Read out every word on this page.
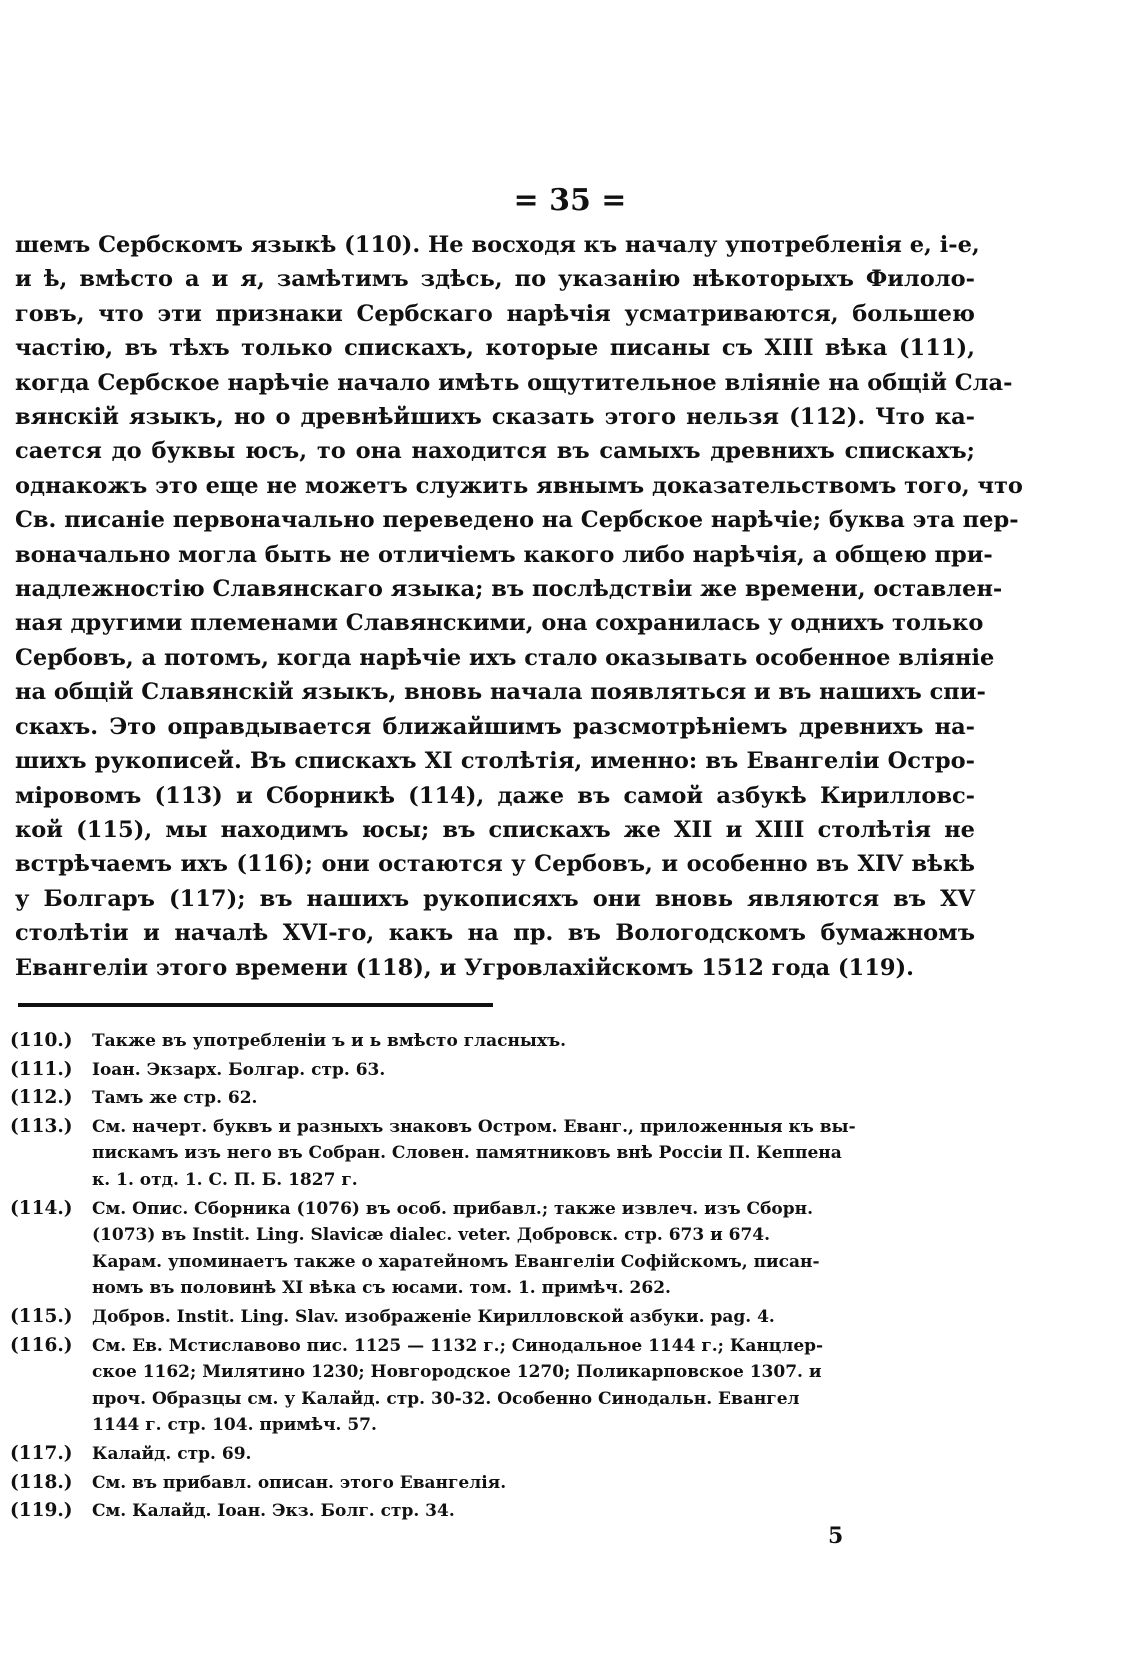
= 35 =
шемъ Сербскомъ языкѣ (110). Не восходя къ началу употребленія е, і-е,
и ѣ, вмѣсто а и я, замѣтимъ здѣсь, по указанію нѣкоторыхъ Филоло-
говъ, что эти признаки Сербскаго нарѣчія усматриваются, большею
частію, въ тѣхъ только спискахъ, которые писаны съ XIII вѣка (111),
когда Сербское нарѣчіе начало имѣть ощутительное вліяніе на общій Сла-
вянскій языкъ, но о древнѣйшихъ сказать этого нельзя (112). Что ка-
сается до буквы юсъ, то она находится въ самыхъ древнихъ спискахъ;
однакожъ это еще не можетъ служить явнымъ доказательствомъ того, что
Св. писаніе первоначально переведено на Сербское нарѣчіе; буква эта пер-
воначально могла быть не отличіемъ какого либо нарѣчія, а общею при-
надлежностію Славянскаго языка; въ послѣдствіи же времени, оставлен-
ная другими племенами Славянскими, она сохранилась у однихъ только
Сербовъ, а потомъ, когда нарѣчіе ихъ стало оказывать особенное вліяніе
на общій Славянскій языкъ, вновь начала появляться и въ нашихъ спи-
скахъ. Это оправдывается ближайшимъ разсмотрѣніемъ древнихъ на-
шихъ рукописей. Въ спискахъ XI столѣтія, именно: въ Евангеліи Остро-
міровомъ (113) и Сборникѣ (114), даже въ самой азбукѣ Кирилловс-
кой (115), мы находимъ юсы; въ спискахъ же XII и XIII столѣтія не
встрѣчаемъ ихъ (116); они остаются у Сербовъ, и особенно въ XIV вѣкѣ
у Болгаръ (117); въ нашихъ рукописяхъ они вновь являются въ XV
столѣтіи и началѣ XVI-го, какъ на пр. въ Вологодскомъ бумажномъ
Евангеліи этого времени (118), и Угровлахійскомъ 1512 года (119).
(110.)	Также въ употребленіи ъ и ь вмѣсто гласныхъ.
(111.)	Іоан. Экзарх. Болгар. стр. 63.
(112.)	Тамъ же стр. 62.
(113.)	См. начерт. буквъ и разныхъ знаковъ Остром. Еванг., приложенныя къ вы-
пискамъ изъ него въ Собран. Словен. памятниковъ внѣ Россіи П. Кеппена
к. 1. отд. 1. С. П. Б. 1827 г.
(114.)	См. Опис. Сборника (1076) въ особ. прибавл.; также извлеч. изъ Сборн.
(1073) въ Instit. Ling. Slavicæ dialec. veter. Добровск. стр. 673 и 674.
Карам. упоминаетъ также о харатейномъ Евангеліи Софійскомъ, писан-
номъ въ половинѣ XI вѣка съ юсами. том. 1. примѣч. 262.
(115.)	Добров. Instit. Ling. Slav. изображеніе Кирилловской азбуки. pag. 4.
(116.)	См. Ев. Мстиславово пис. 1125 — 1132 г.; Синодальное 1144 г.; Канцлер-
ское 1162; Милятино 1230; Новгородское 1270; Поликарповское 1307. и
проч. Образцы см. у Калайд. стр. 30-32. Особенно Синодальн. Евангел
1144 г. стр. 104. примѣч. 57.
(117.)	Калайд. стр. 69.
(118.)	См. въ прибавл. описан. этого Евангелія.
(119.)	См. Калайд. Іоан. Экз. Болг. стр. 34.
5
